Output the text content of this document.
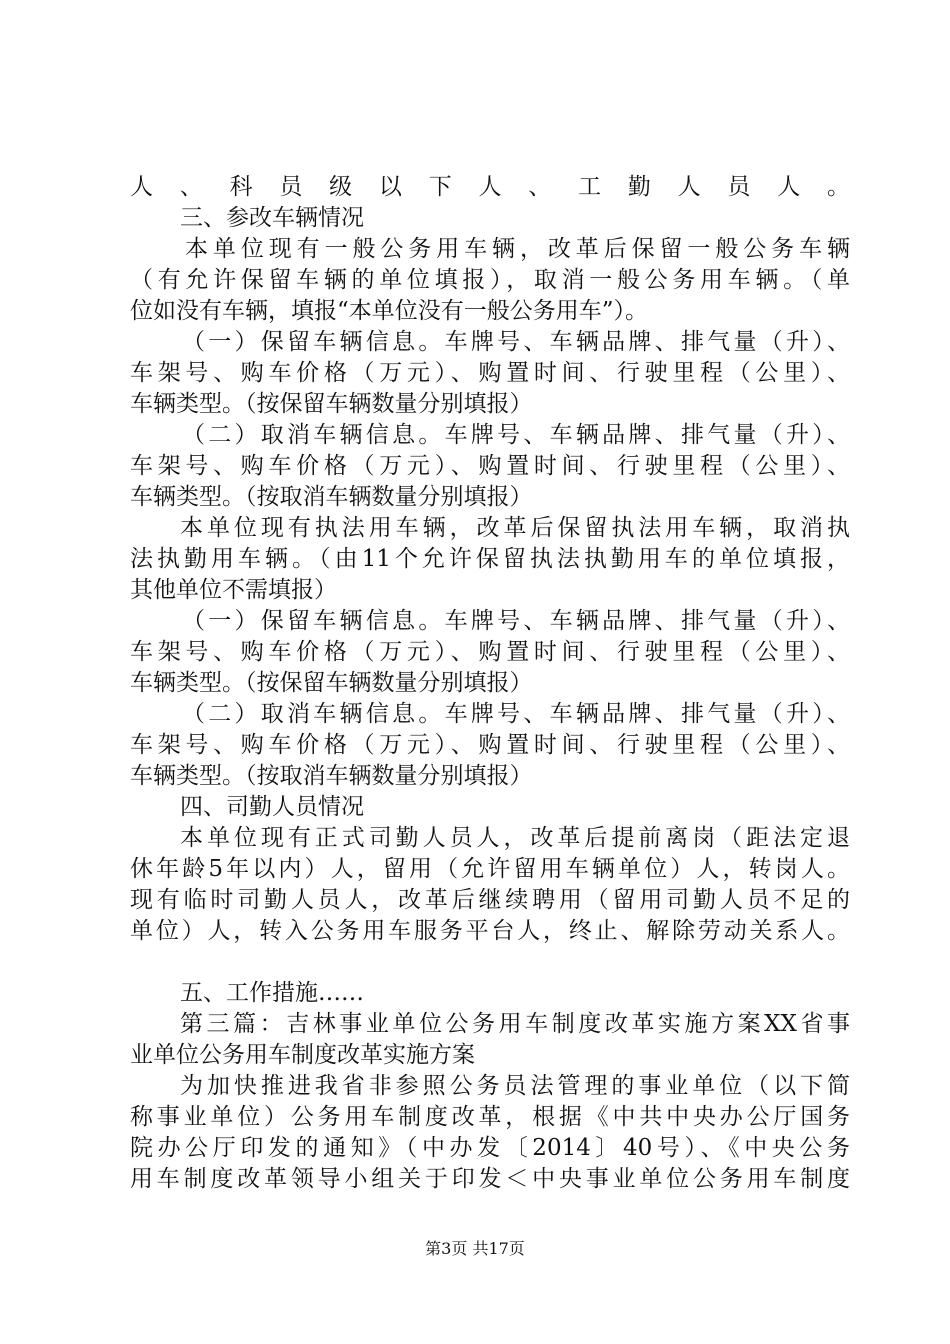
人、科员级以下人、工勤人员人。
三、参改车辆情况
本单位现有一般公务用车辆，改革后保留一般公务车辆
（有允许保留车辆的单位填报），取消一般公务用车辆。（单
位如没有车辆，填报“本单位没有一般公务用车”）。
（一）保留车辆信息。车牌号、车辆品牌、排气量（升）、
车架号、购车价格（万元）、购置时间、行驶里程（公里）、
车辆类型。（按保留车辆数量分别填报）
（二）取消车辆信息。车牌号、车辆品牌、排气量（升）、
车架号、购车价格（万元）、购置时间、行驶里程（公里）、
车辆类型。（按取消车辆数量分别填报）
本单位现有执法用车辆，改革后保留执法用车辆，取消执
法执勤用车辆。（由11个允许保留执法执勤用车的单位填报，
其他单位不需填报）
（一）保留车辆信息。车牌号、车辆品牌、排气量（升）、
车架号、购车价格（万元）、购置时间、行驶里程（公里）、
车辆类型。（按保留车辆数量分别填报）
（二）取消车辆信息。车牌号、车辆品牌、排气量（升）、
车架号、购车价格（万元）、购置时间、行驶里程（公里）、
车辆类型。（按取消车辆数量分别填报）
四、司勤人员情况
本单位现有正式司勤人员人，改革后提前离岗（距法定退
休年龄5年以内）人，留用（允许留用车辆单位）人，转岗人。
现有临时司勤人员人，改革后继续聘用（留用司勤人员不足的
单位）人，转入公务用车服务平台人，终止、解除劳动关系人。
五、工作措施……
第三篇：吉林事业单位公务用车制度改革实施方案XX省事
业单位公务用车制度改革实施方案
为加快推进我省非参照公务员法管理的事业单位（以下简
称事业单位）公务用车制度改革，根据《中共中央办公厅国务
院办公厅印发的通知》（中办发〔2014〕40号）、《中央公务
用车制度改革领导小组关于印发＜中央事业单位公务用车制度
第3页 共17页
